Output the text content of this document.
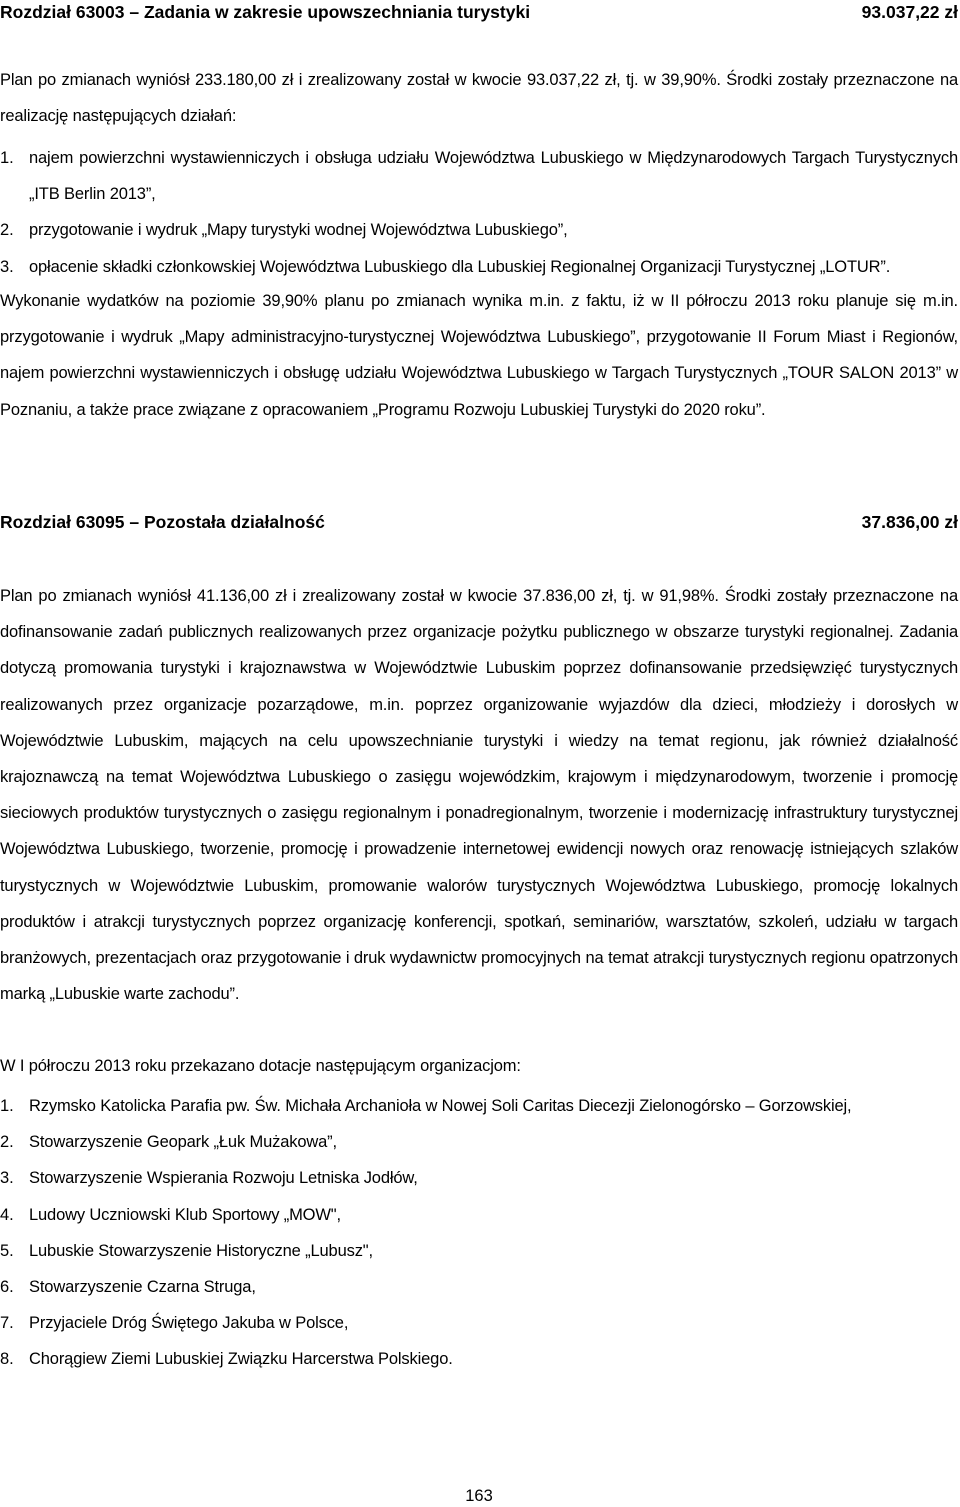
Rozdział 63003 – Zadania w zakresie upowszechniania turystyki	93.037,22 zł

Plan po zmianach wyniósł 233.180,00 zł i zrealizowany został w kwocie 93.037,22 zł, tj. w 39,90%. Środki zostały przeznaczone na realizację następujących działań:

1. najem powierzchni wystawienniczych i obsługa udziału Województwa Lubuskiego w Międzynarodowych Targach Turystycznych „ITB Berlin 2013”,
2. przygotowanie i wydruk „Mapy turystyki wodnej Województwa Lubuskiego”,
3. opłacenie składki członkowskiej Województwa Lubuskiego dla Lubuskiej Regionalnej Organizacji Turystycznej „LOTUR”.

Wykonanie wydatków na poziomie 39,90% planu po zmianach wynika m.in. z faktu, iż w II półroczu 2013 roku planuje się m.in. przygotowanie i wydruk „Mapy administracyjno-turystycznej Województwa Lubuskiego”, przygotowanie II Forum Miast i Regionów, najem powierzchni wystawienniczych i obsługę udziału Województwa Lubuskiego w Targach Turystycznych „TOUR SALON 2013” w Poznaniu, a także prace związane z opracowaniem „Programu Rozwoju Lubuskiej Turystyki do 2020 roku”.

Rozdział 63095 – Pozostała działalność	37.836,00 zł

Plan po zmianach wyniósł 41.136,00 zł i zrealizowany został w kwocie 37.836,00 zł, tj. w 91,98%. Środki zostały przeznaczone na dofinansowanie zadań publicznych realizowanych przez organizacje pożytku publicznego w obszarze turystyki regionalnej. Zadania dotyczą promowania turystyki i krajoznawstwa w Województwie Lubuskim poprzez dofinansowanie przedsięwzięć turystycznych realizowanych przez organizacje pozarządowe, m.in. poprzez organizowanie wyjazdów dla dzieci, młodzieży i dorosłych w Województwie Lubuskim, mających na celu upowszechnianie turystyki i wiedzy na temat regionu, jak również działalność krajoznawczą na temat Województwa Lubuskiego o zasięgu wojewódzkim, krajowym i międzynarodowym, tworzenie i promocję sieciowych produktów turystycznych o zasięgu regionalnym i ponadregionalnym, tworzenie i modernizację infrastruktury turystycznej Województwa Lubuskiego, tworzenie, promocję i prowadzenie internetowej ewidencji nowych oraz renowację istniejących szlaków turystycznych w Województwie Lubuskim, promowanie walorów turystycznych Województwa Lubuskiego, promocję lokalnych produktów i atrakcji turystycznych poprzez organizację konferencji, spotkań, seminariów, warsztatów, szkoleń, udziału w targach branżowych, prezentacjach oraz przygotowanie i druk wydawnictw promocyjnych na temat atrakcji turystycznych regionu opatrzonych marką „Lubuskie warte zachodu”.

W I półroczu 2013 roku przekazano dotacje następującym organizacjom:

1. Rzymsko Katolicka Parafia pw. Św. Michała Archanioła w Nowej Soli Caritas Diecezji Zielonogórsko – Gorzowskiej,
2. Stowarzyszenie Geopark „Łuk Mużakowa”,
3. Stowarzyszenie Wspierania Rozwoju Letniska Jodłów,
4. Ludowy Uczniowski Klub Sportowy „MOW",
5. Lubuskie Stowarzyszenie Historyczne „Lubusz",
6. Stowarzyszenie Czarna Struga,
7. Przyjaciele Dróg Świętego Jakuba w Polsce,
8. Chorągiew Ziemi Lubuskiej Związku Harcerstwa Polskiego.
163
